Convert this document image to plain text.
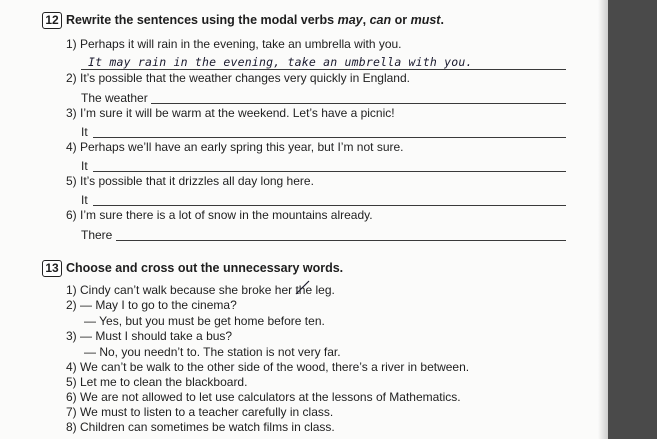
12 Rewrite the sentences using the modal verbs may, can or must.
1) Perhaps it will rain in the evening, take an umbrella with you.
It may rain in the evening, take an umbrella with you.
2) It’s possible that the weather changes very quickly in England.
The weather
3) I’m sure it will be warm at the weekend. Let’s have a picnic!
It
4) Perhaps we’ll have an early spring this year, but I’m not sure.
It
5) It’s possible that it drizzles all day long here.
It
6) I’m sure there is a lot of snow in the mountains already.
There
13 Choose and cross out the unnecessary words.
1) Cindy can’t walk because she broke her the
leg.
2) — May I to go to the cinema?
— Yes, but you must be get home before ten.
3) — Must I should take a bus?
— No, you needn’t to. The station is not very far.
4) We can’t be walk to the other side of the wood, there’s a river in between.
5) Let me to clean the blackboard.
6) We are not allowed to let use calculators at the lessons of Mathematics.
7) We must to listen to a teacher carefully in class.
8) Children can sometimes be watch films in class.
